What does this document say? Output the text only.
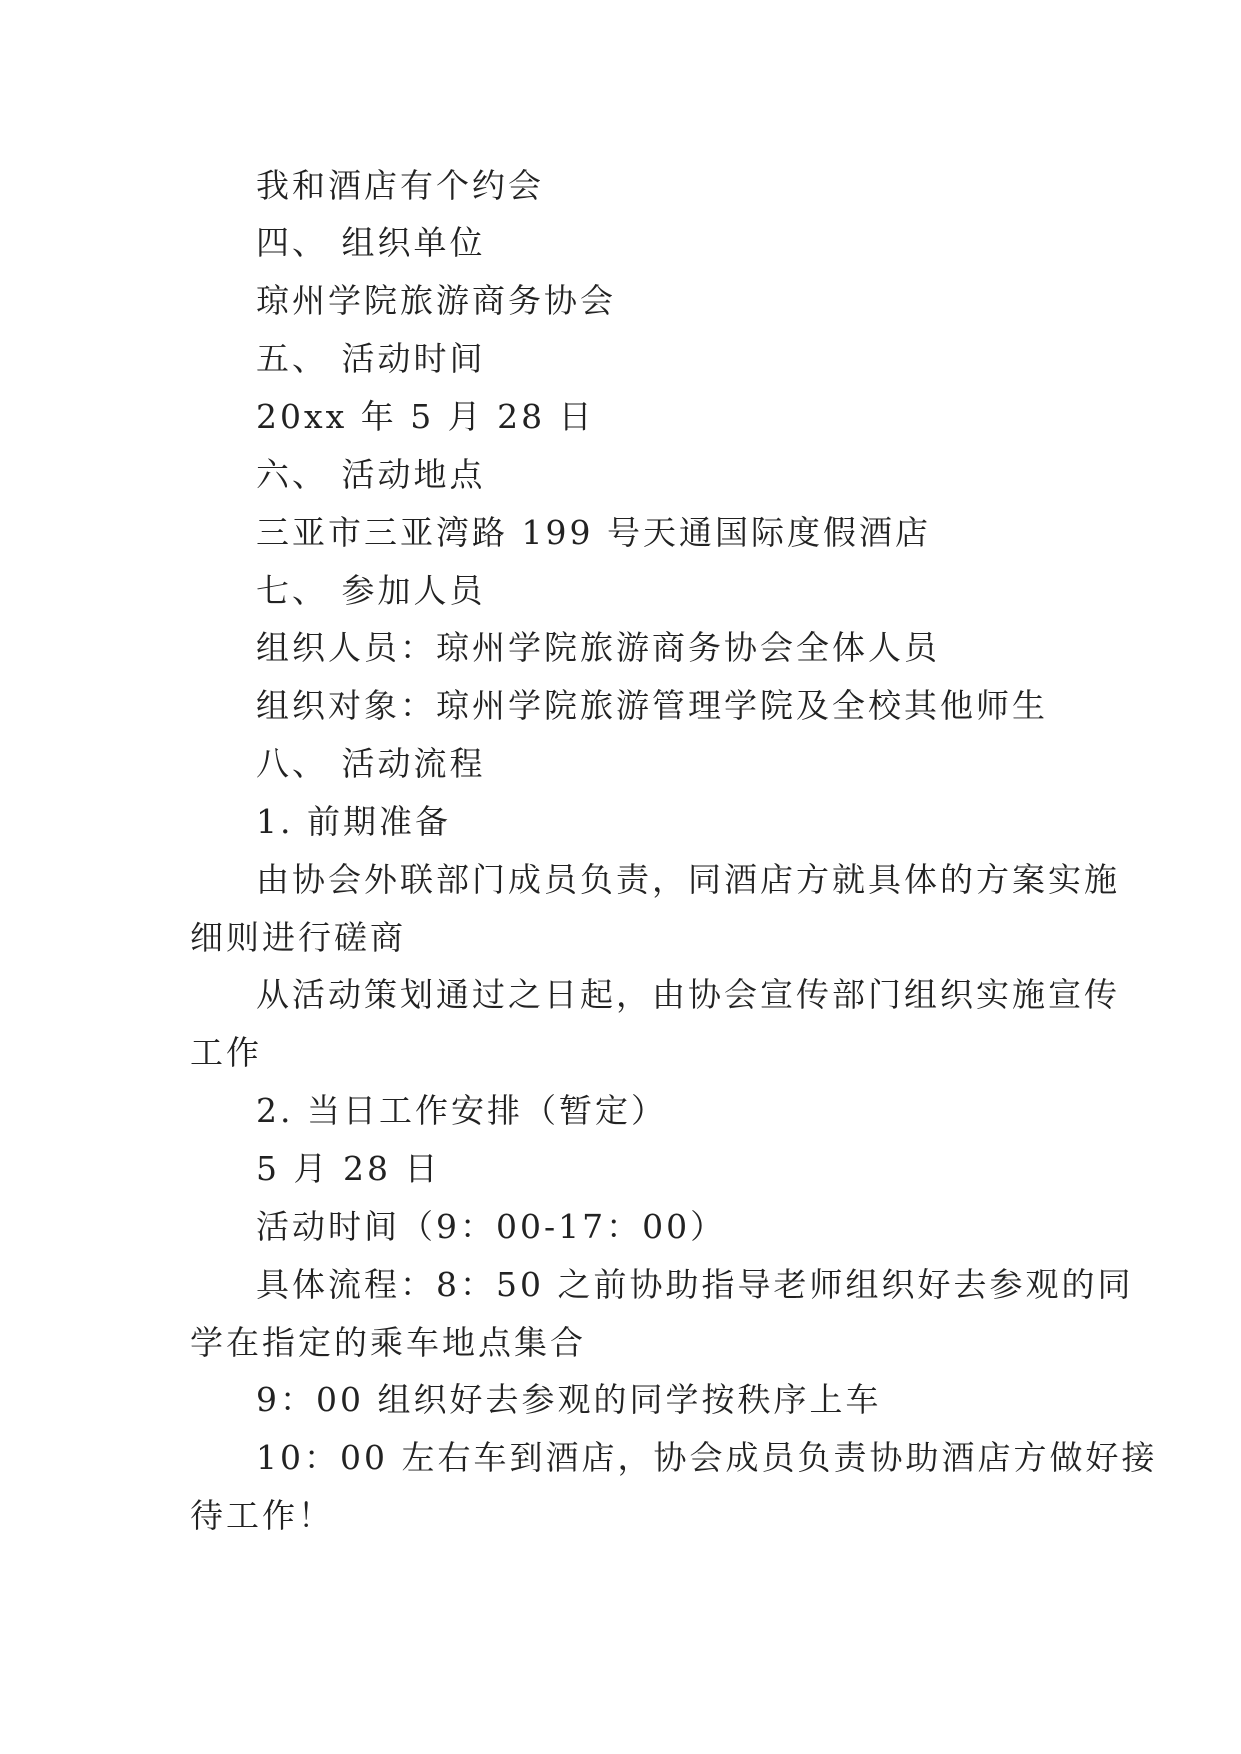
我和酒店有个约会
四、 组织单位
琼州学院旅游商务协会
五、 活动时间
20xx 年 5 月 28 日
六、 活动地点
三亚市三亚湾路 199 号天通国际度假酒店
七、 参加人员
组织人员：琼州学院旅游商务协会全体人员
组织对象：琼州学院旅游管理学院及全校其他师生
八、 活动流程
1. 前期准备
由协会外联部门成员负责，同酒店方就具体的方案实施
细则进行磋商
从活动策划通过之日起，由协会宣传部门组织实施宣传
工作
2. 当日工作安排（暂定）
5 月 28 日
活动时间（9：00-17：00）
具体流程：8：50 之前协助指导老师组织好去参观的同
学在指定的乘车地点集合
9：00 组织好去参观的同学按秩序上车
10：00 左右车到酒店，协会成员负责协助酒店方做好接
待工作！
